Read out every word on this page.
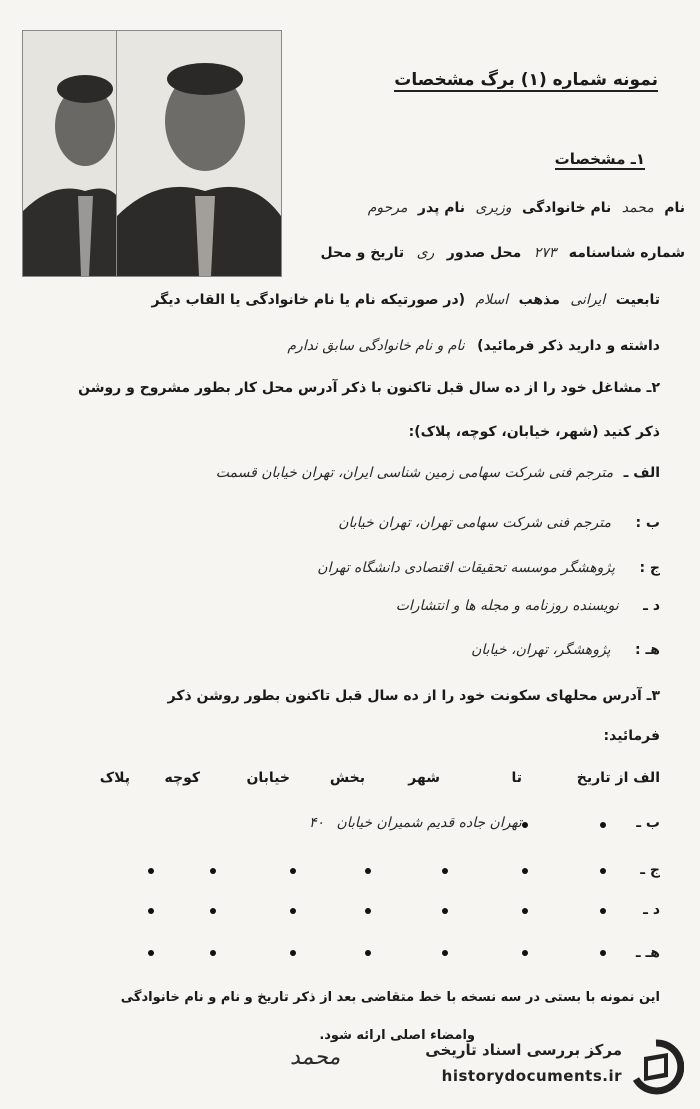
نمونه شماره (۱) برگ مشخصات
۱ـ مشخصات
نام محمد نام خانوادگی وزیری نام پدر مرحوم
شماره شناسنامه ۲۷۳ محل صدور ری تاریخ و محل
تابعیت ایرانی مذهب اسلام (در صورتیکه نام یا نام خانوادگی یا القاب دیگر
داشته و دارید ذکر فرمائید) نام و نام خانوادگی سابق ندارم
۲ـ مشاغل خود را از ده سال قبل تاکنون با ذکر آدرس محل کار بطور مشروح و روشن
ذکر کنید (شهر، خیابان، کوچه، پلاک):
الف ـ مترجم فنی شرکت سهامی زمین شناسی ایران، تهران خیابان قسمت
ب : مترجم فنی شرکت سهامی تهران، تهران خیابان
ج : پژوهشگر موسسه تحقیقات اقتصادی دانشگاه تهران
د ـ نویسنده روزنامه و مجله ها و انتشارات
هـ : پژوهشگر، تهران، خیابان
۳ـ آدرس محلهای سکونت خود را از ده سال قبل تاکنون بطور روشن ذکر
فرمائید:
الف از تاریخ
تا
شهر
بخش
خیابان
کوچه
پلاک
ب ـ تهران جاده قدیم شمیران خیابان ۴۰
ج ـ
د ـ
هـ ـ
این نمونه با بستی در سه نسخه با خط متقاضی بعد از ذکر تاریخ و نام و نام خانوادگی
وامضاء اصلی ارائه شود.
محمد	مرکز بررسی اسناد تاریخی
historydocuments.ir
